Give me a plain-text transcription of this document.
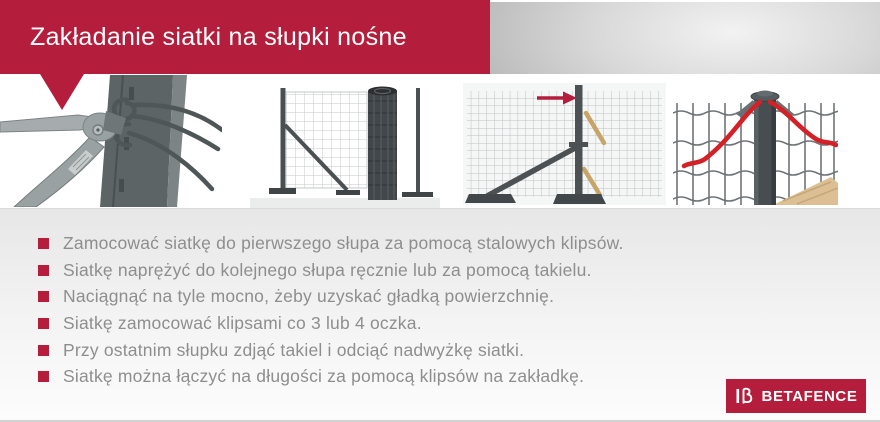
Zakładanie siatki na słupki nośne
Zamocować siatkę do pierwszego słupa za pomocą stalowych klipsów.
Siatkę naprężyć do kolejnego słupa ręcznie lub za pomocą takielu.
Naciągnąć na tyle mocno, żeby uzyskać gładką powierzchnię.
Siatkę zamocować klipsami co 3 lub 4 oczka.
Przy ostatnim słupku zdjąć takiel i odciąć nadwyżkę siatki.
Siatkę można łączyć na długości za pomocą klipsów na zakładkę.
BETAFENCE
